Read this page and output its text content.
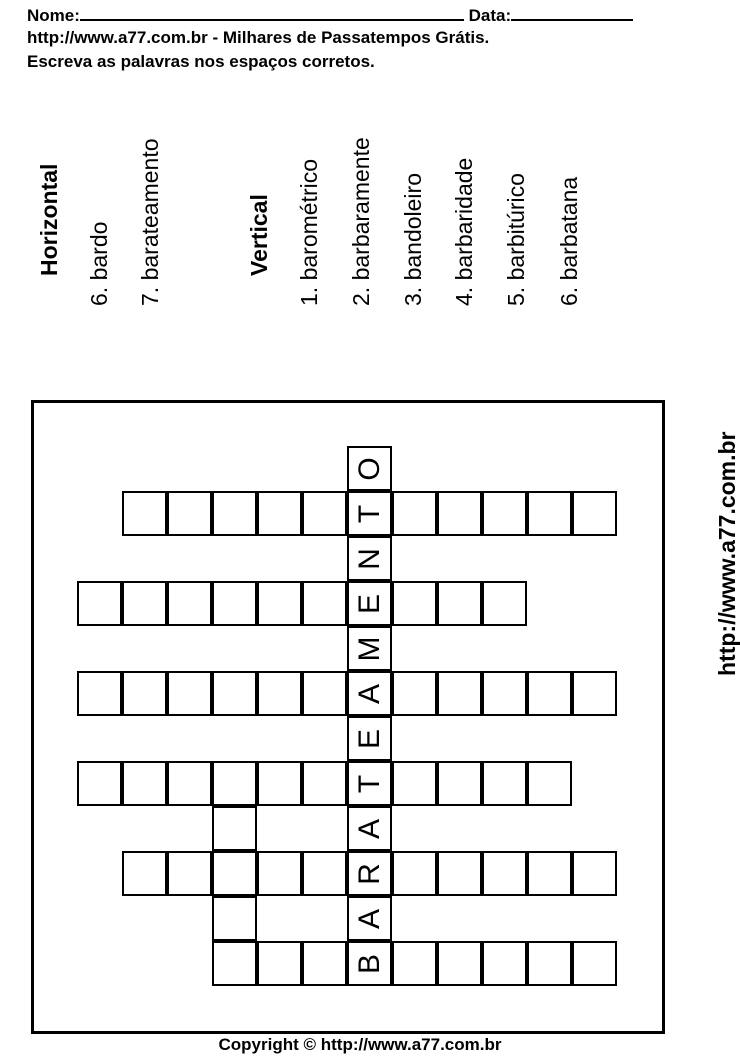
Nome:	Data:
http://www.a77.com.br - Milhares de Passatempos Grátis.
Escreva as palavras nos espaços corretos.
Horizontal 6. bardo 7. barateamento	Vertical 1. barométrico 2. barbaramente 3. bandoleiro 4. barbaridade 5. barbitúrico 6. barbatana
http://www.a77.com.br
O
T
N
E
M
A
E
T
A
R
A
B
Copyright © http://www.a77.com.br
